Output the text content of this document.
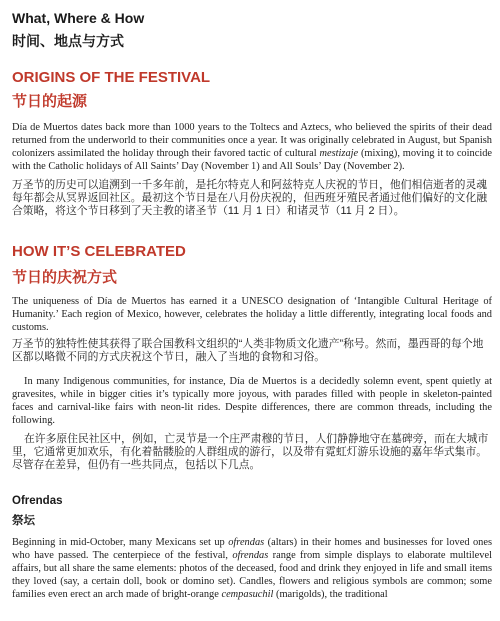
What, Where & How
时间、地点与方式
ORIGINS OF THE FESTIVAL
节日的起源
Día de Muertos dates back more than 1000 years to the Toltecs and Aztecs, who believed the spirits of their dead returned from the underworld to their communities once a year. It was originally celebrated in August, but Spanish colonizers assimilated the holiday through their favored tactic of cultural mestizaje (mixing), moving it to coincide with the Catholic holidays of All Saints’ Day (November 1) and All Souls’ Day (November 2).
万圣节的历史可以追溯到一千多年前，是托尔特克人和阿兹特克人庆祝的节日，他们相信逝者的灵魂每年都会从冥界返回社区。最初这个节日是在八月份庆祝的，但西班牙殖民者通过他们偏好的文化融合策略，将这个节日移到了天主教的诸圣节（11 月 1 日）和诸灵节（11 月 2 日）。
HOW IT’S CELEBRATED
节日的庆祝方式
The uniqueness of Día de Muertos has earned it a UNESCO designation of ‘Intangible Cultural Heritage of Humanity.’ Each region of Mexico, however, celebrates the holiday a little differently, integrating local foods and customs.
万圣节的独特性使其获得了联合国教科文组织的“人类非物质文化遗产”称号。然而，墨西哥的每个地区都以略微不同的方式庆祝这个节日，融入了当地的食物和习俗。
In many Indigenous communities, for instance, Día de Muertos is a decidedly solemn event, spent quietly at gravesites, while in bigger cities it’s typically more joyous, with parades filled with people in skeleton-painted faces and carnival-like fairs with neon-lit rides. Despite differences, there are common threads, including the following.
在许多原住民社区中，例如，亡灵节是一个庄严肃穆的节日，人们静静地守在墓碑旁，而在大城市里，它通常更加欢乐，有化着骷髅脸的人群组成的游行，以及带有霓虹灯游乐设施的嘉年华式集市。尽管存在差异，但仍有一些共同点，包括以下几点。
Ofrendas
祭坛
Beginning in mid-October, many Mexicans set up ofrendas (altars) in their homes and businesses for loved ones who have passed. The centerpiece of the festival, ofrendas range from simple displays to elaborate multilevel affairs, but all share the same elements: photos of the deceased, food and drink they enjoyed in life and small items they loved (say, a certain doll, book or domino set). Candles, flowers and religious symbols are common; some families even erect an arch made of bright-orange cempasuchil (marigolds), the traditional
